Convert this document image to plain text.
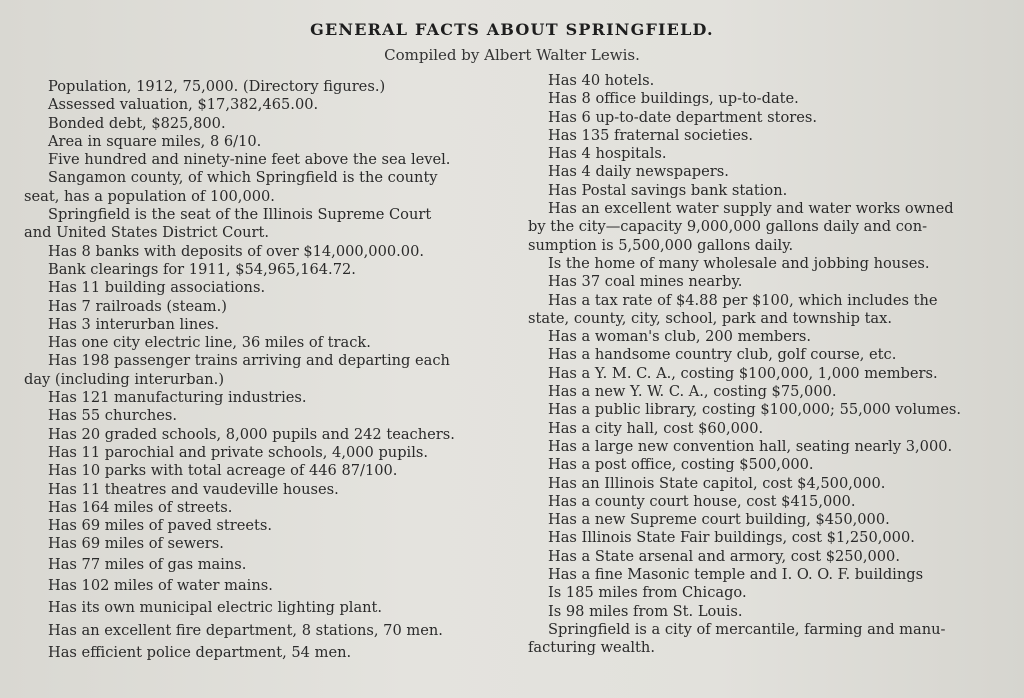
GENERAL FACTS ABOUT SPRINGFIELD.
Compiled by Albert Walter Lewis.
Population, 1912, 75,000. (Directory figures.)
Assessed valuation, $17,382,465.00.
Bonded debt, $825,800.
Area in square miles, 8 6/10.
Five hundred and ninety-nine feet above the sea level.
Sangamon county, of which Springfield is the county
seat, has a population of 100,000.
Springfield is the seat of the Illinois Supreme Court
and United States District Court.
Has 8 banks with deposits of over $14,000,000.00.
Bank clearings for 1911, $54,965,164.72.
Has 11 building associations.
Has 7 railroads (steam.)
Has 3 interurban lines.
Has one city electric line, 36 miles of track.
Has 198 passenger trains arriving and departing each
day (including interurban.)
Has 121 manufacturing industries.
Has 55 churches.
Has 20 graded schools, 8,000 pupils and 242 teachers.
Has 11 parochial and private schools, 4,000 pupils.
Has 10 parks with total acreage of 446 87/100.
Has 11 theatres and vaudeville houses.
Has 164 miles of streets.
Has 69 miles of paved streets.
Has 69 miles of sewers.
Has 77 miles of gas mains.
Has 102 miles of water mains.
Has its own municipal electric lighting plant.
Has an excellent fire department, 8 stations, 70 men.
Has efficient police department, 54 men.
Has 40 hotels.
Has 8 office buildings, up-to-date.
Has 6 up-to-date department stores.
Has 135 fraternal societies.
Has 4 hospitals.
Has 4 daily newspapers.
Has Postal savings bank station.
Has an excellent water supply and water works owned
by the city—capacity 9,000,000 gallons daily and con-
sumption is 5,500,000 gallons daily.
Is the home of many wholesale and jobbing houses.
Has 37 coal mines nearby.
Has a tax rate of $4.88 per $100, which includes the
state, county, city, school, park and township tax.
Has a woman's club, 200 members.
Has a handsome country club, golf course, etc.
Has a Y. M. C. A., costing $100,000, 1,000 members.
Has a new Y. W. C. A., costing $75,000.
Has a public library, costing $100,000; 55,000 volumes.
Has a city hall, cost $60,000.
Has a large new convention hall, seating nearly 3,000.
Has a post office, costing $500,000.
Has an Illinois State capitol, cost $4,500,000.
Has a county court house, cost $415,000.
Has a new Supreme court building, $450,000.
Has Illinois State Fair buildings, cost $1,250,000.
Has a State arsenal and armory, cost $250,000.
Has a fine Masonic temple and I. O. O. F. buildings
Is 185 miles from Chicago.
Is 98 miles from St. Louis.
Springfield is a city of mercantile, farming and manu-
facturing wealth.
